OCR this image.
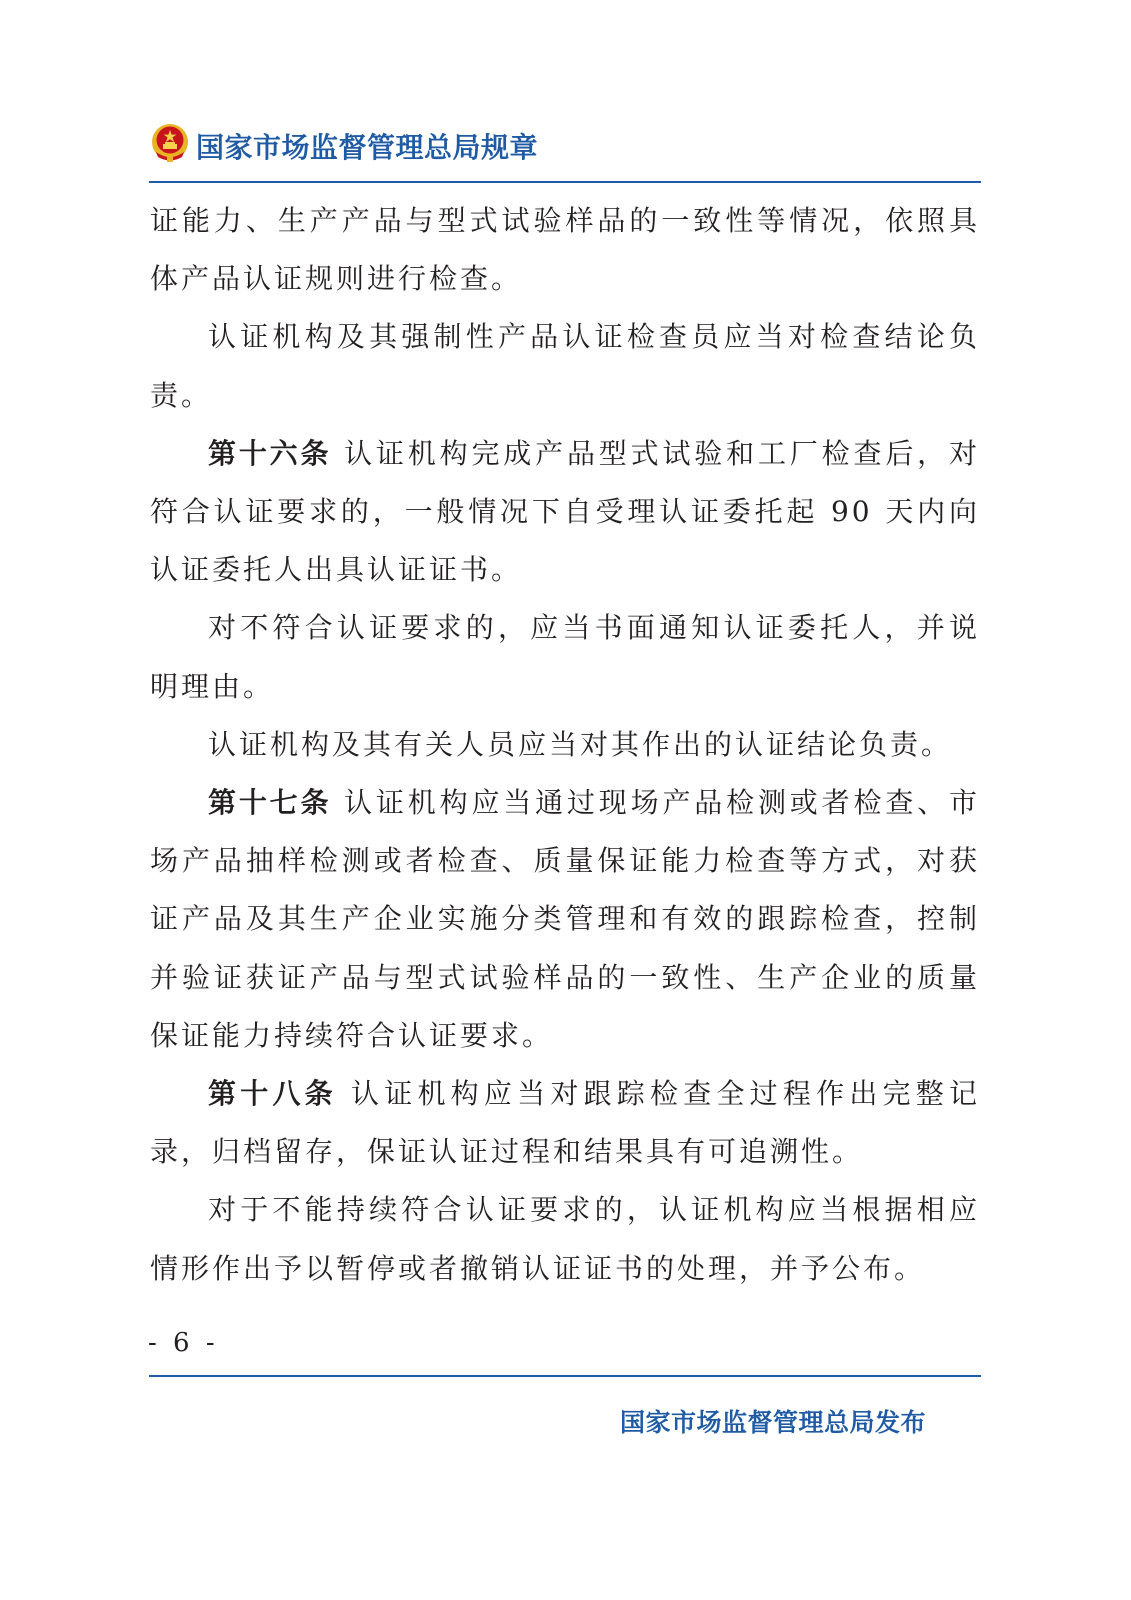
国家市场监督管理总局规章

证能力、生产产品与型式试验样品的一致性等情况，依照具体产品认证规则进行检查。

认证机构及其强制性产品认证检查员应当对检查结论负责。

第十六条 认证机构完成产品型式试验和工厂检查后，对符合认证要求的，一般情况下自受理认证委托起 90 天内向认证委托人出具认证证书。

对不符合认证要求的，应当书面通知认证委托人，并说明理由。

认证机构及其有关人员应当对其作出的认证结论负责。

第十七条 认证机构应当通过现场产品检测或者检查、市场产品抽样检测或者检查、质量保证能力检查等方式，对获证产品及其生产企业实施分类管理和有效的跟踪检查，控制并验证获证产品与型式试验样品的一致性、生产企业的质量保证能力持续符合认证要求。

第十八条 认证机构应当对跟踪检查全过程作出完整记录，归档留存，保证认证过程和结果具有可追溯性。

对于不能持续符合认证要求的，认证机构应当根据相应情形作出予以暂停或者撤销认证证书的处理，并予公布。

- 6 -
国家市场监督管理总局发布
